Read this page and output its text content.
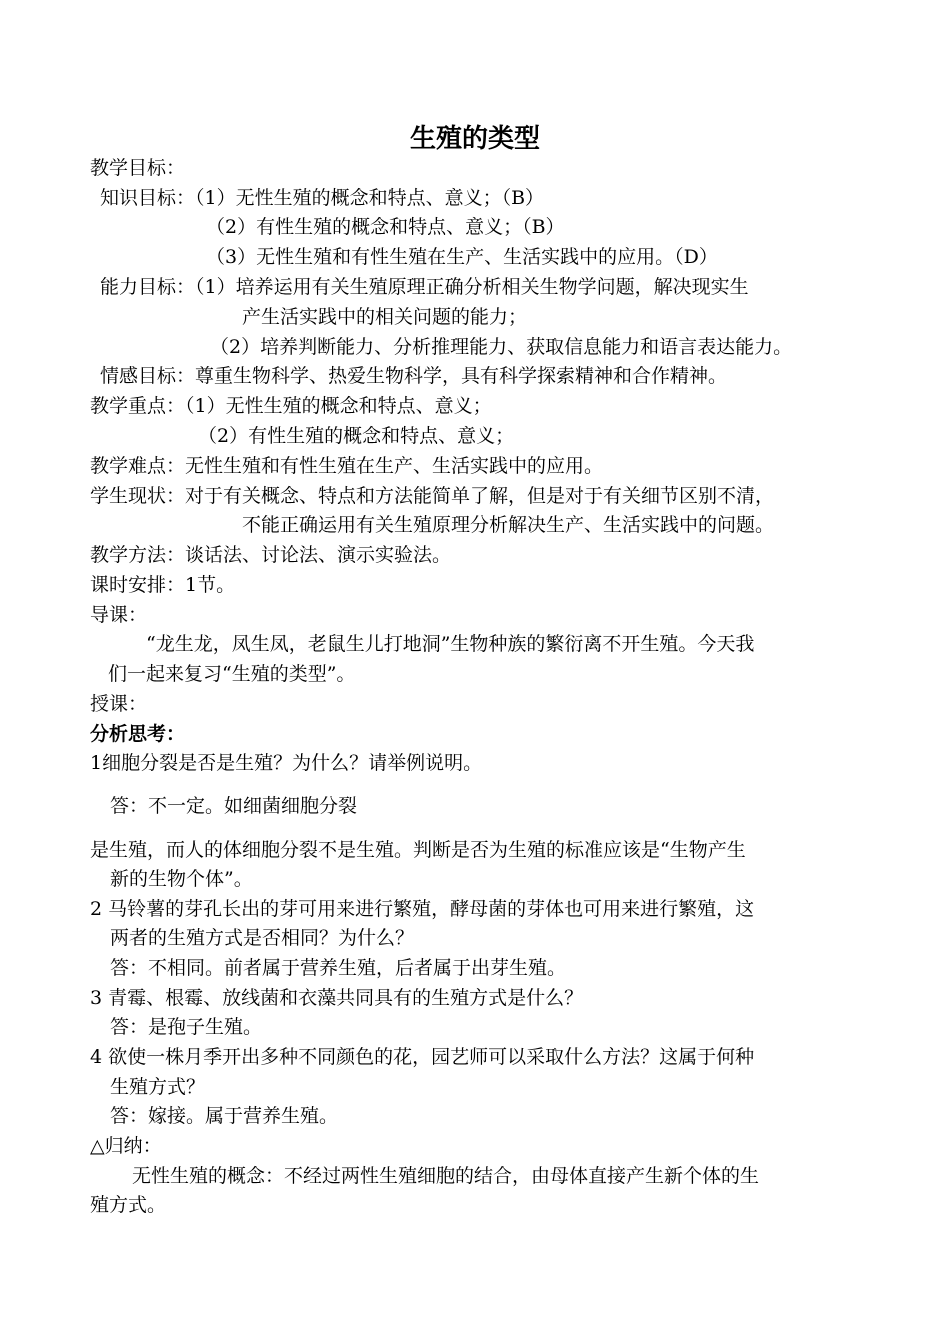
生殖的类型
教学目标：
知识目标：（1）无性生殖的概念和特点、意义；（B）
（2）有性生殖的概念和特点、意义；（B）
（3）无性生殖和有性生殖在生产、生活实践中的应用。（D）
能力目标：（1）培养运用有关生殖原理正确分析相关生物学问题，解决现实生
产生活实践中的相关问题的能力；
（2）培养判断能力、分析推理能力、获取信息能力和语言表达能力。
情感目标：尊重生物科学、热爱生物科学，具有科学探索精神和合作精神。
教学重点：（1）无性生殖的概念和特点、意义；
（2）有性生殖的概念和特点、意义；
教学难点：无性生殖和有性生殖在生产、生活实践中的应用。
学生现状：对于有关概念、特点和方法能简单了解，但是对于有关细节区别不清，
不能正确运用有关生殖原理分析解决生产、生活实践中的问题。
教学方法：谈话法、讨论法、演示实验法。
课时安排：1节。
导课：
“龙生龙，凤生凤，老鼠生儿打地洞”生物种族的繁衍离不开生殖。今天我
们一起来复习“生殖的类型”。
授课：
分析思考：
1细胞分裂是否是生殖？为什么？请举例说明。
答：不一定。如细菌细胞分裂
是生殖，而人的体细胞分裂不是生殖。判断是否为生殖的标准应该是“生物产生
新的生物个体”。
2 马铃薯的芽孔长出的芽可用来进行繁殖，酵母菌的芽体也可用来进行繁殖，这
两者的生殖方式是否相同？为什么？
答：不相同。前者属于营养生殖，后者属于出芽生殖。
3 青霉、根霉、放线菌和衣藻共同具有的生殖方式是什么？
答：是孢子生殖。
4 欲使一株月季开出多种不同颜色的花，园艺师可以采取什么方法？这属于何种
生殖方式？
答：嫁接。属于营养生殖。
△归纳：
无性生殖的概念：不经过两性生殖细胞的结合，由母体直接产生新个体的生
殖方式。
